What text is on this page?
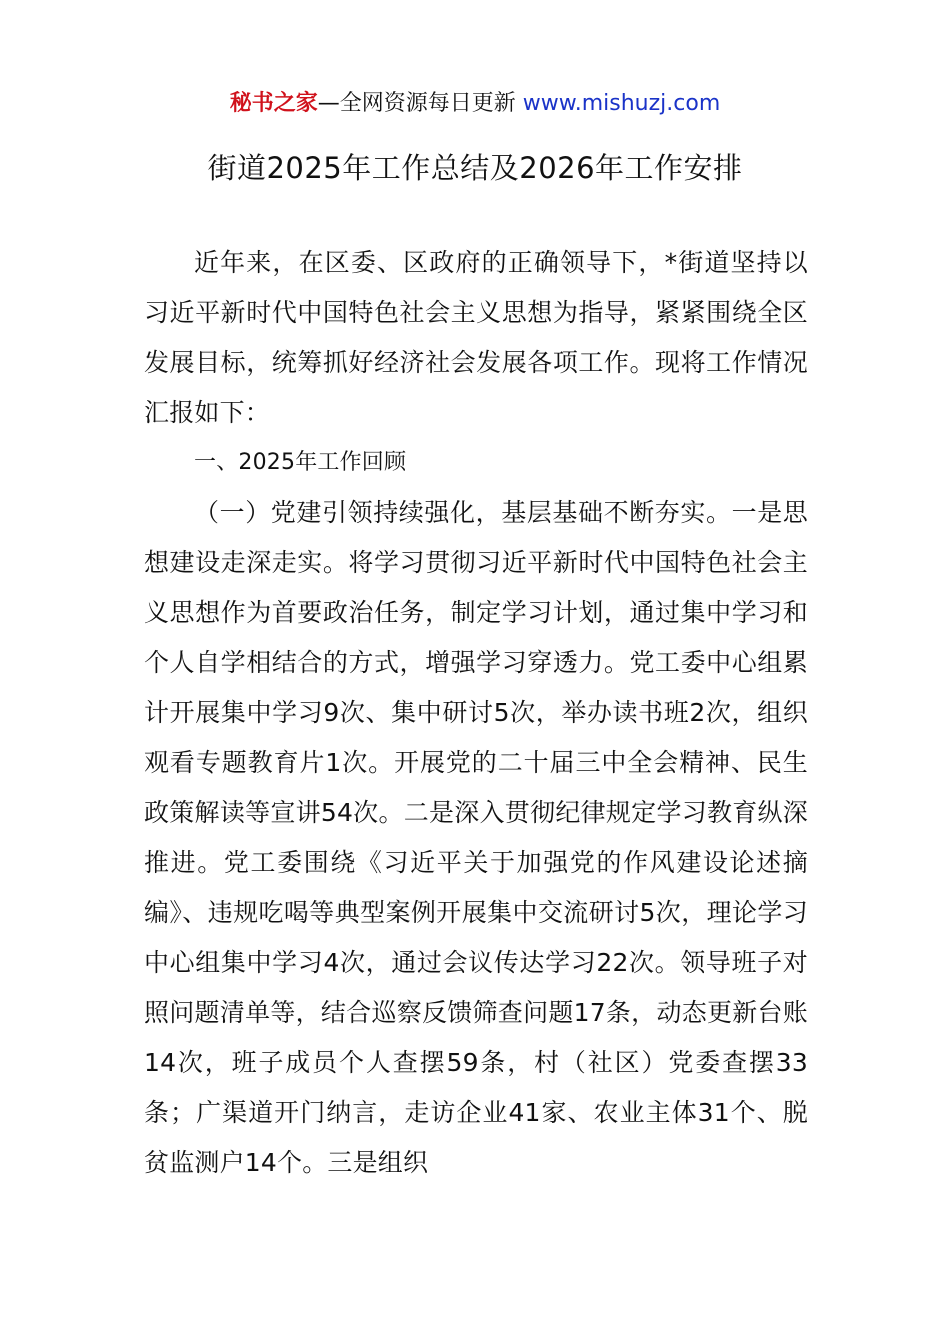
秘书之家—全网资源每日更新 www.mishuzj.com
街道2025年工作总结及2026年工作安排

近年来，在区委、区政府的正确领导下，*街道坚持以习近平新时代中国特色社会主义思想为指导，紧紧围绕全区发展目标，统筹抓好经济社会发展各项工作。现将工作情况汇报如下：

一、2025年工作回顾

（一）党建引领持续强化，基层基础不断夯实。一是思想建设走深走实。将学习贯彻习近平新时代中国特色社会主义思想作为首要政治任务，制定学习计划，通过集中学习和个人自学相结合的方式，增强学习穿透力。党工委中心组累计开展集中学习9次、集中研讨5次，举办读书班2次，组织观看专题教育片1次。开展党的二十届三中全会精神、民生政策解读等宣讲54次。二是深入贯彻纪律规定学习教育纵深推进。党工委围绕《习近平关于加强党的作风建设论述摘编》、违规吃喝等典型案例开展集中交流研讨5次，理论学习中心组集中学习4次，通过会议传达学习22次。领导班子对照问题清单等，结合巡察反馈筛查问题17条，动态更新台账14次，班子成员个人查摆59条，村（社区）党委查摆33条；广渠道开门纳言，走访企业41家、农业主体31个、脱贫监测户14个。三是组织
